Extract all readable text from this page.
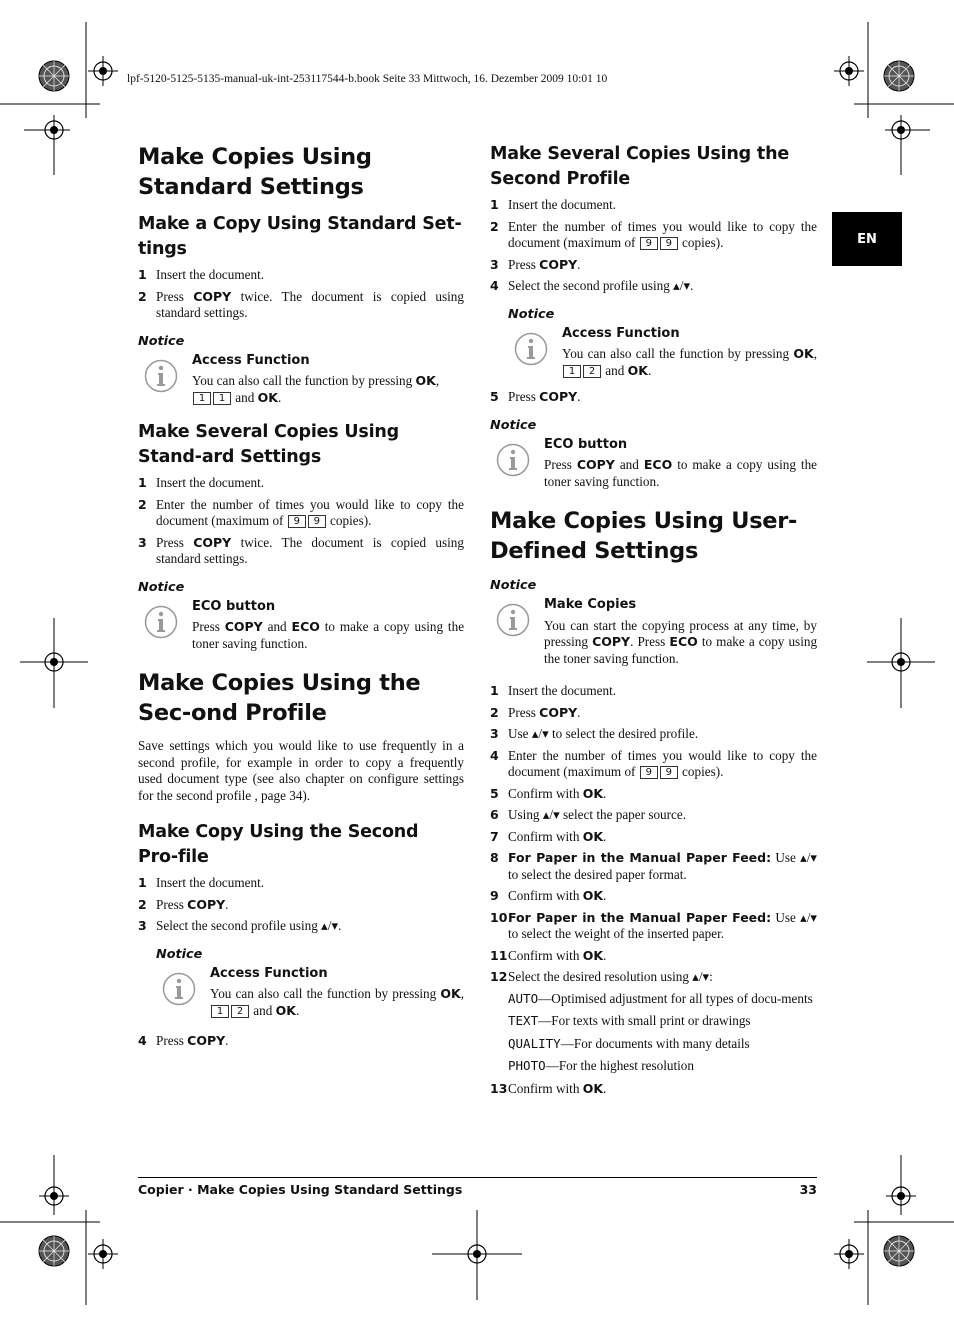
lpf-5120-5125-5135-manual-uk-int-253117544-b.book Seite 33 Mittwoch, 16. Dezember 2009 10:01 10
EN
Make Copies Using Standard Settings
Make a Copy Using Standard Set-tings
1 Insert the document.
2 Press COPY twice. The document is copied using standard settings.
Notice
Access Function
You can also call the function by pressing OK,
1 1 and OK.
Make Several Copies Using Stand-ard Settings
1 Insert the document.
2 Enter the number of times you would like to copy the document (maximum of 9 9 copies).
3 Press COPY twice. The document is copied using standard settings.
Notice
ECO button
Press COPY and ECO to make a copy using the toner saving function.
Make Copies Using the Sec-ond Profile

Save settings which you would like to use frequently in a second profile, for example in order to copy a frequently used document type (see also chapter on configure settings for the second profile , page 34).

Make Copy Using the Second Pro-file
1 Insert the document.
2 Press COPY.
3 Select the second profile using ▴/▾.
Notice
Access Function
You can also call the function by pressing OK, 1 2 and OK.
4 Press COPY.
Make Several Copies Using the Second Profile
1 Insert the document.
2 Enter the number of times you would like to copy the document (maximum of 9 9 copies).
3 Press COPY.
4 Select the second profile using ▴/▾.
Notice
Access Function
You can also call the function by pressing OK, 1 2 and OK.
5 Press COPY.
Notice
ECO button
Press COPY and ECO to make a copy using the toner saving function.
Make Copies Using User-Defined Settings
Notice
Make Copies
You can start the copying process at any time, by pressing COPY. Press ECO to make a copy using the toner saving function.
1 Insert the document.
2 Press COPY.
3 Use ▴/▾ to select the desired profile.
4 Enter the number of times you would like to copy the document (maximum of 9 9 copies).
5 Confirm with OK.
6 Using ▴/▾ select the paper source.
7 Confirm with OK.
8 For Paper in the Manual Paper Feed: Use ▴/▾ to select the desired paper format.
9 Confirm with OK.
10 For Paper in the Manual Paper Feed: Use ▴/▾ to select the weight of the inserted paper.
11 Confirm with OK.
12 Select the desired resolution using ▴/▾:
AUTO—Optimised adjustment for all types of docu-ments
TEXT—For texts with small print or drawings
QUALITY—For documents with many details
PHOTO—For the highest resolution
13 Confirm with OK.
Copier · Make Copies Using Standard Settings	33
